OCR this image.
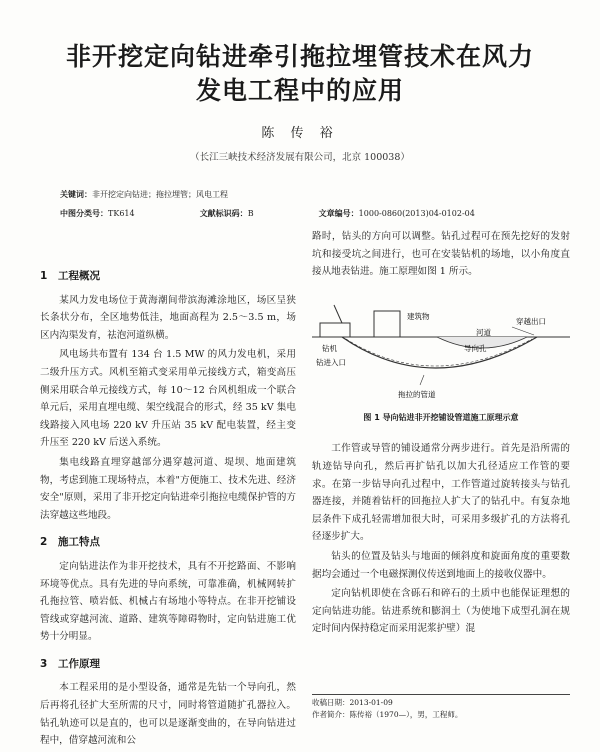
非开挖定向钻进牵引拖拉埋管技术在风力
发电工程中的应用
陈 传 裕
（长江三峡技术经济发展有限公司，北京 100038）
关键词：非开挖定向钻进；拖拉埋管；风电工程
中图分类号：TK614	文献标识码：B	文章编号：1000-0860(2013)04-0102-04
1 工程概况

某风力发电场位于黄海潮间带滨海滩涂地区，场区呈狭长条状分布，全区地势低洼，地面高程为 2.5～3.5 m，场区内沟渠发育，祛泡河道纵横。

风电场共布置有 134 台 1.5 MW 的风力发电机，采用二级升压方式。风机至箱式变采用单元接线方式，箱变高压侧采用联合单元接线方式，每 10～12 台风机组成一个联合单元后，采用直埋电缆、架空线混合的形式，经 35 kV 集电线路接入风电场 220 kV 升压站 35 kV 配电装置，经主变升压至 220 kV 后送入系统。

集电线路直埋穿越部分遇穿越河道、堤坝、地面建筑物，考虑到施工现场特点，本着"方便施工、技术先进、经济安全"原则，采用了非开挖定向钻进牵引拖拉电缆保护管的方法穿越这些地段。

2 施工特点

定向钻进法作为非开挖技术，具有不开挖路面、不影响环境等优点。具有先进的导向系统，可靠准确，机械网转扩孔拖拉管、喷岩低、机械占有场地小等特点。在非开挖铺设管线或穿越河流、道路、建筑等障碍物时，定向钻进施工优势十分明显。

3 工作原理

本工程采用的是小型设备，通常是先钻一个导向孔，然后再将孔径扩大至所需的尺寸，同时将管道随扩孔器拉入。钻孔轨迹可以是直的，也可以是逐渐变曲的，在导向钻进过程中，借穿越河流和公

路时，钻头的方向可以调整。钻孔过程可在预先挖好的发射坑和接受坑之间进行，也可在安装钻机的场地，以小角度直接从地表钻进。施工原理如图 1 所示。

建筑物
钻机
钻进入口
导向孔
河道
穿越出口
拖拉的管道
图 1 导向钻进非开挖铺设管道施工原理示意

工作管或导管的铺设通常分两步进行。首先是沿所需的轨迹钻导向孔，然后再扩钻孔以加大孔径适应工作管的要求。在第一步钻导向孔过程中，工作管道过旋转接头与钻孔器连接，并随着钻杆的回拖拉人扩大了的钻孔中。有复杂地层条件下成孔轻需增加很大时，可采用多级扩孔的方法将孔径逐步扩大。

钻头的位置及钻头与地面的倾斜度和旋面角度的重要数据均会通过一个电磁探测仪传送到地面上的接收仪器中。

定向钻机即使在含砾石和碎石的土质中也能保证理想的定向钻进功能。钻进系统和膨润土（为使地下成型孔洞在规定时间内保持稳定而采用泥浆护壁）混

收稿日期：2013-01-09
作者简介：陈传裕（1970—），男，工程师。
